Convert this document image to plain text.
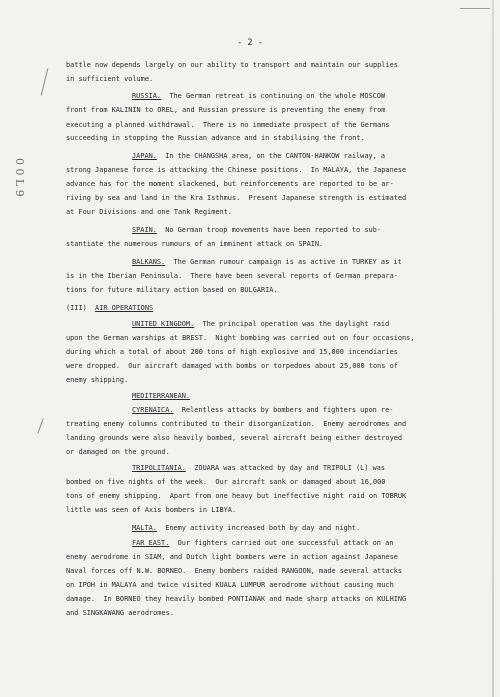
0 0 L 9
- 2 -
battle now depends largely on our ability to transport and maintain our supplies
in sufficient volume.
RUSSIA.  The German retreat is continuing on the whole MOSCOW
front from KALININ to OREL, and Russian pressure is preventing the enemy from
executing a planned withdrawal.  There is no immediate prospect of the Germans
succeeding in stopping the Russian advance and in stabilising the front.
JAPAN.  In the CHANGSHA area, on the CANTON-HANKOW railway, a
strong Japanese force is attacking the Chinese positions.  In MALAYA, the Japanese
advance has for the moment slackened, but reinforcements are reported to be ar-
riving by sea and land in the Kra Isthmus.  Present Japanese strength is estimated
at Four Divisions and one Tank Regiment.
SPAIN.  No German troop movements have been reported to sub-
stantiate the numerous rumours of an imminent attack on SPAIN.
BALKANS.  The German rumour campaign is as active in TURKEY as it
is in the Iberian Peninsula.  There have been several reports of German prepara-
tions for future military action based on BULGARIA.
(III)  AIR OPERATIONS
UNITED KINGDOM.  The principal operation was the daylight raid
upon the German warships at BREST.  Night bombing was carried out on four occasions,
during which a total of about 200 tons of high explosive and 15,000 incendiaries
were dropped.  Our aircraft damaged with bombs or torpedoes about 25,000 tons of
enemy shipping.
MEDITERRANEAN.
CYRENAICA.  Relentless attacks by bombers and fighters upon re-
treating enemy columns contributed to their disorganization.  Enemy aerodromes and
landing grounds were also heavily bombed, several aircraft being either destroyed
or damaged on the ground.
TRIPOLITANIA.  ZOUARA was attacked by day and TRIPOLI (L) was
bombed on five nights of the week.  Our aircraft sank or damaged about 16,000
tons of enemy shipping.  Apart from one heavy but ineffective night raid on TOBRUK
little was seen of Axis bombers in LIBYA.
MALTA.  Enemy activity increased both by day and night.
FAR EAST.  Our fighters carried out one successful attack on an
enemy aerodrome in SIAM, and Dutch light bombers were in action against Japanese
Naval forces off N.W. BORNEO.  Enemy bombers raided RANGOON, made several attacks
on IPOH in MALAYA and twice visited KUALA LUMPUR aerodrome without causing much
damage.  In BORNEO they heavily bombed PONTIANAK and made sharp attacks on KULHING
and SINGKAWANG aerodromes.
